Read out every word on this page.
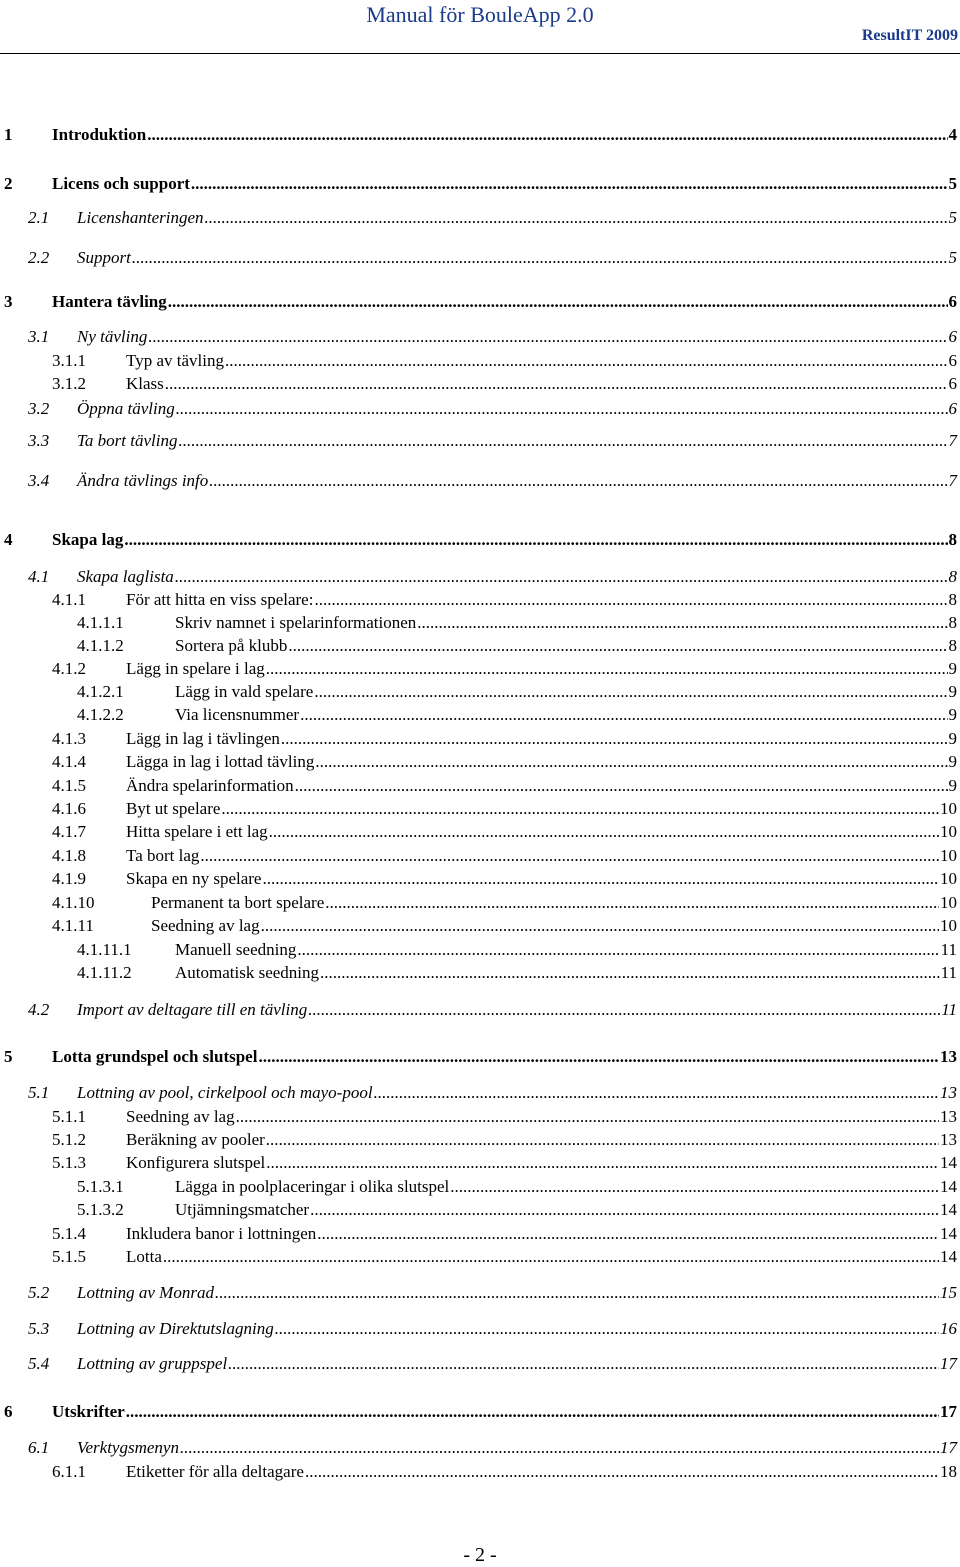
Manual för BouleApp 2.0
ResultIT 2009
1	Introduktion .....	4
2	Licens och support .....	5
2.1	Licenshanteringen .....	5
2.2	Support .....	5
3	Hantera tävling .....	6
3.1	Ny tävling .....	6
3.1.1	Typ av tävling .....	6
3.1.2	Klass .....	6
3.2	Öppna tävling .....	6
3.3	Ta bort tävling .....	7
3.4	Ändra tävlings info .....	7
4	Skapa lag .....	8
4.1	Skapa laglista .....	8
4.1.1	För att hitta en viss spelare: .....	8
4.1.1.1	Skriv namnet i spelarinformationen .....	8
4.1.1.2	Sortera på klubb .....	8
4.1.2	Lägg in spelare i lag .....	9
4.1.2.1	Lägg in vald spelare .....	9
4.1.2.2	Via licensnummer .....	9
4.1.3	Lägg in lag i tävlingen .....	9
4.1.4	Lägga in lag i lottad tävling .....	9
4.1.5	Ändra spelarinformation .....	9
4.1.6	Byt ut spelare .....	10
4.1.7	Hitta spelare i ett lag .....	10
4.1.8	Ta bort lag .....	10
4.1.9	Skapa en ny spelare .....	10
4.1.10	Permanent ta bort spelare .....	10
4.1.11	Seedning av lag .....	10
4.1.11.1	Manuell seedning .....	11
4.1.11.2	Automatisk seedning .....	11
4.2	Import av deltagare till en tävling .....	11
5	Lotta grundspel och slutspel .....	13
5.1	Lottning av pool, cirkelpool och mayo-pool .....	13
5.1.1	Seedning av lag .....	13
5.1.2	Beräkning av pooler .....	13
5.1.3	Konfigurera slutspel .....	14
5.1.3.1	Lägga in poolplaceringar i olika slutspel .....	14
5.1.3.2	Utjämningsmatcher .....	14
5.1.4	Inkludera banor i lottningen .....	14
5.1.5	Lotta .....	14
5.2	Lottning av Monrad .....	15
5.3	Lottning av Direktutslagning .....	16
5.4	Lottning av gruppspel .....	17
6	Utskrifter .....	17
6.1	Verktygsmenyn .....	17
6.1.1	Etiketter för alla deltagare .....	18
- 2 -
